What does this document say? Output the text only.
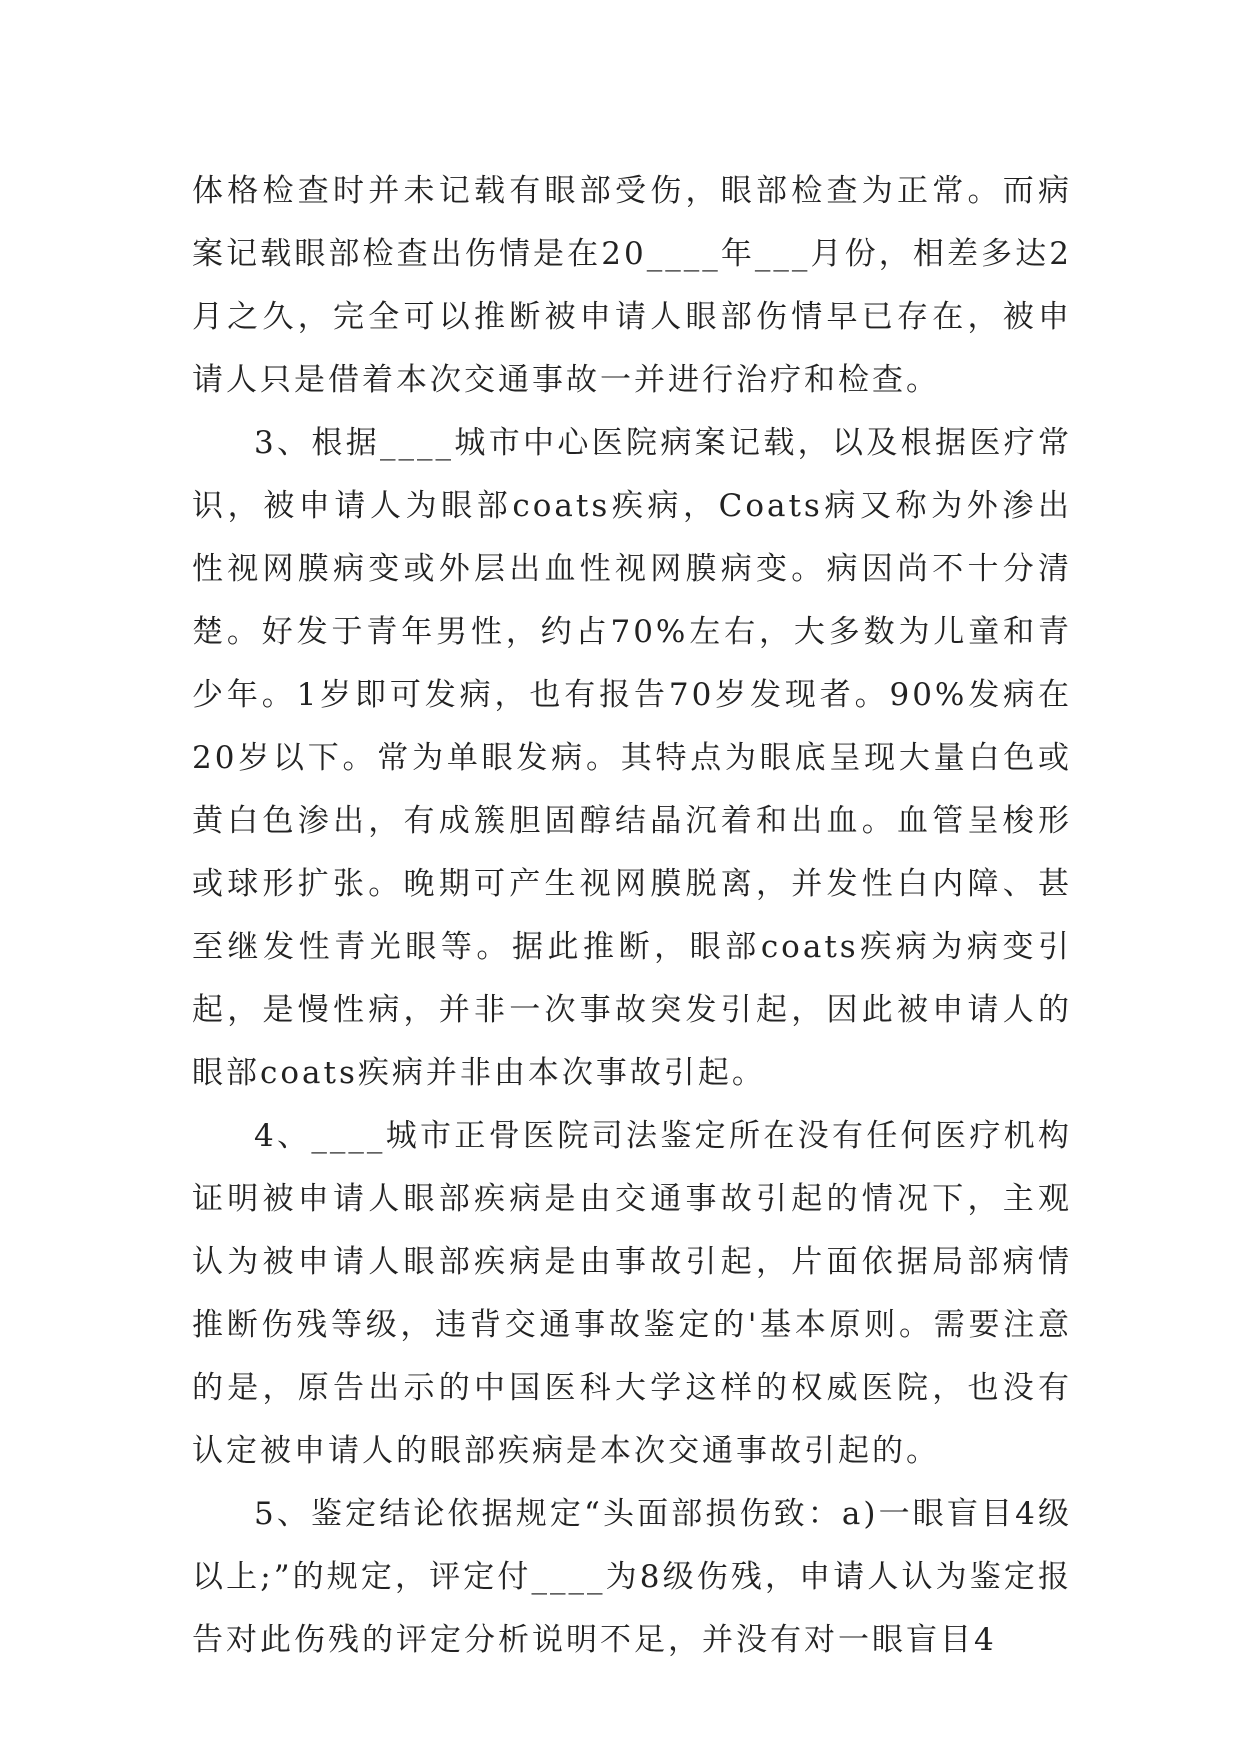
体格检查时并未记载有眼部受伤，眼部检查为正常。而病案记载眼部检查出伤情是在20____年___月份，相差多达2月之久，完全可以推断被申请人眼部伤情早已存在，被申请人只是借着本次交通事故一并进行治疗和检查。

3、根据____城市中心医院病案记载，以及根据医疗常识，被申请人为眼部coats疾病，Coats病又称为外渗出性视网膜病变或外层出血性视网膜病变。病因尚不十分清楚。好发于青年男性，约占70%左右，大多数为儿童和青少年。1岁即可发病，也有报告70岁发现者。90%发病在20岁以下。常为单眼发病。其特点为眼底呈现大量白色或黄白色渗出，有成簇胆固醇结晶沉着和出血。血管呈梭形或球形扩张。晚期可产生视网膜脱离，并发性白内障、甚至继发性青光眼等。据此推断，眼部coats疾病为病变引起，是慢性病，并非一次事故突发引起，因此被申请人的眼部coats疾病并非由本次事故引起。

4、____城市正骨医院司法鉴定所在没有任何医疗机构证明被申请人眼部疾病是由交通事故引起的情况下，主观认为被申请人眼部疾病是由事故引起，片面依据局部病情推断伤残等级，违背交通事故鉴定的'基本原则。需要注意的是，原告出示的中国医科大学这样的权威医院，也没有认定被申请人的眼部疾病是本次交通事故引起的。

5、鉴定结论依据规定“头面部损伤致：a)一眼盲目4级以上;”的规定，评定付____为8级伤残，申请人认为鉴定报告对此伤残的评定分析说明不足，并没有对一眼盲目4
